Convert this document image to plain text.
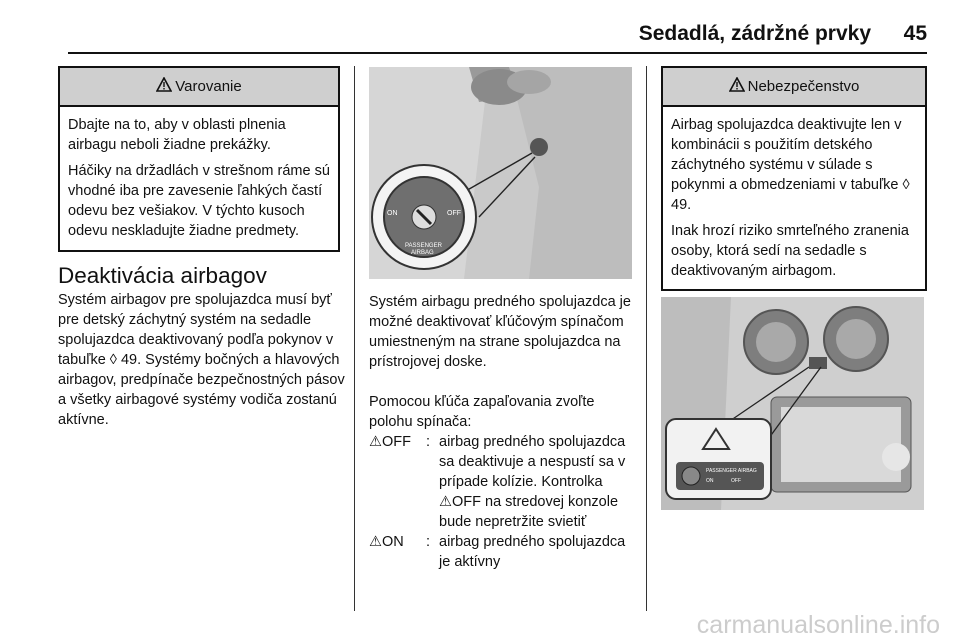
Sedadlá, zádržné prvky 45
Varovanie

Dbajte na to, aby v oblasti plnenia airbagu neboli žiadne prekážky.

Háčiky na držadlách v strešnom ráme sú vhodné iba pre zavesenie ľahkých častí odevu bez vešiakov. V týchto kusoch odevu neskladujte žiadne predmety.

Deaktivácia airbagov
Systém airbagov pre spolujazdca musí byť pre detský záchytný systém na sedadle spolujazdca deaktivovaný podľa pokynov v tabuľke ◊ 49. Systémy bočných a hlavových airbagov, predpínače bezpečnostných pásov a všetky airbagové systémy vodiča zostanú aktívne.
ON	OFF
PASSENGER
AIRBAG
Systém airbagu predného spolujazdca je možné deaktivovať kľúčovým spínačom umiestneným na strane spolujazdca na prístrojovej doske.
Pomocou kľúča zapaľovania zvoľte polohu spínača:
⚠OFF : airbag predného spolujazdca sa deaktivuje a nespustí sa v prípade kolízie. Kontrolka ⚠OFF na stredovej konzole bude nepretržite svietiť
⚠ON : airbag predného spolujazdca je aktívny
Nebezpečenstvo

Airbag spolujazdca deaktivujte len v kombinácii s použitím detského záchytného systému v súlade s pokynmi a obmedzeniami v tabuľke ◊ 49.

Inak hrozí riziko smrteľného zranenia osoby, ktorá sedí na sedadle s deaktivovaným airbagom.

PASSENGER AIRBAG
ON	OFF
carmanualsonline.info
